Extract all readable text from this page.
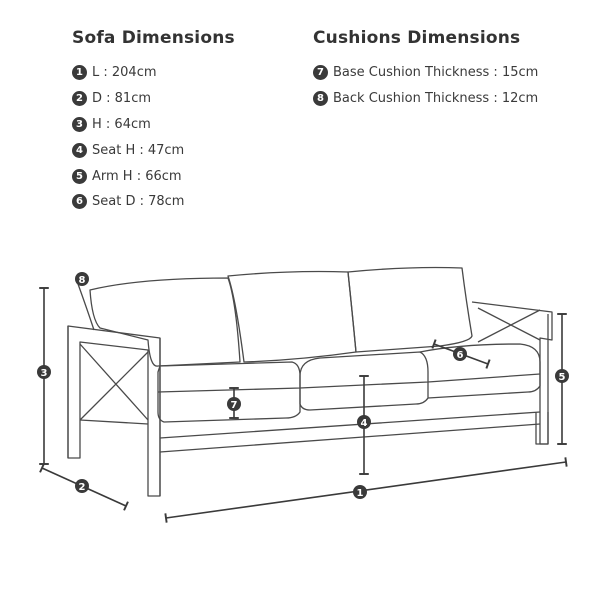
Sofa Dimensions
1 L : 204cm
2 D : 81cm
3 H : 64cm
4 Seat H : 47cm
5 Arm H : 66cm
6 Seat D : 78cm
Cushions Dimensions
7 Base Cushion Thickness : 15cm
8 Back Cushion Thickness : 12cm
1
2
3
4
5
6
7
8
